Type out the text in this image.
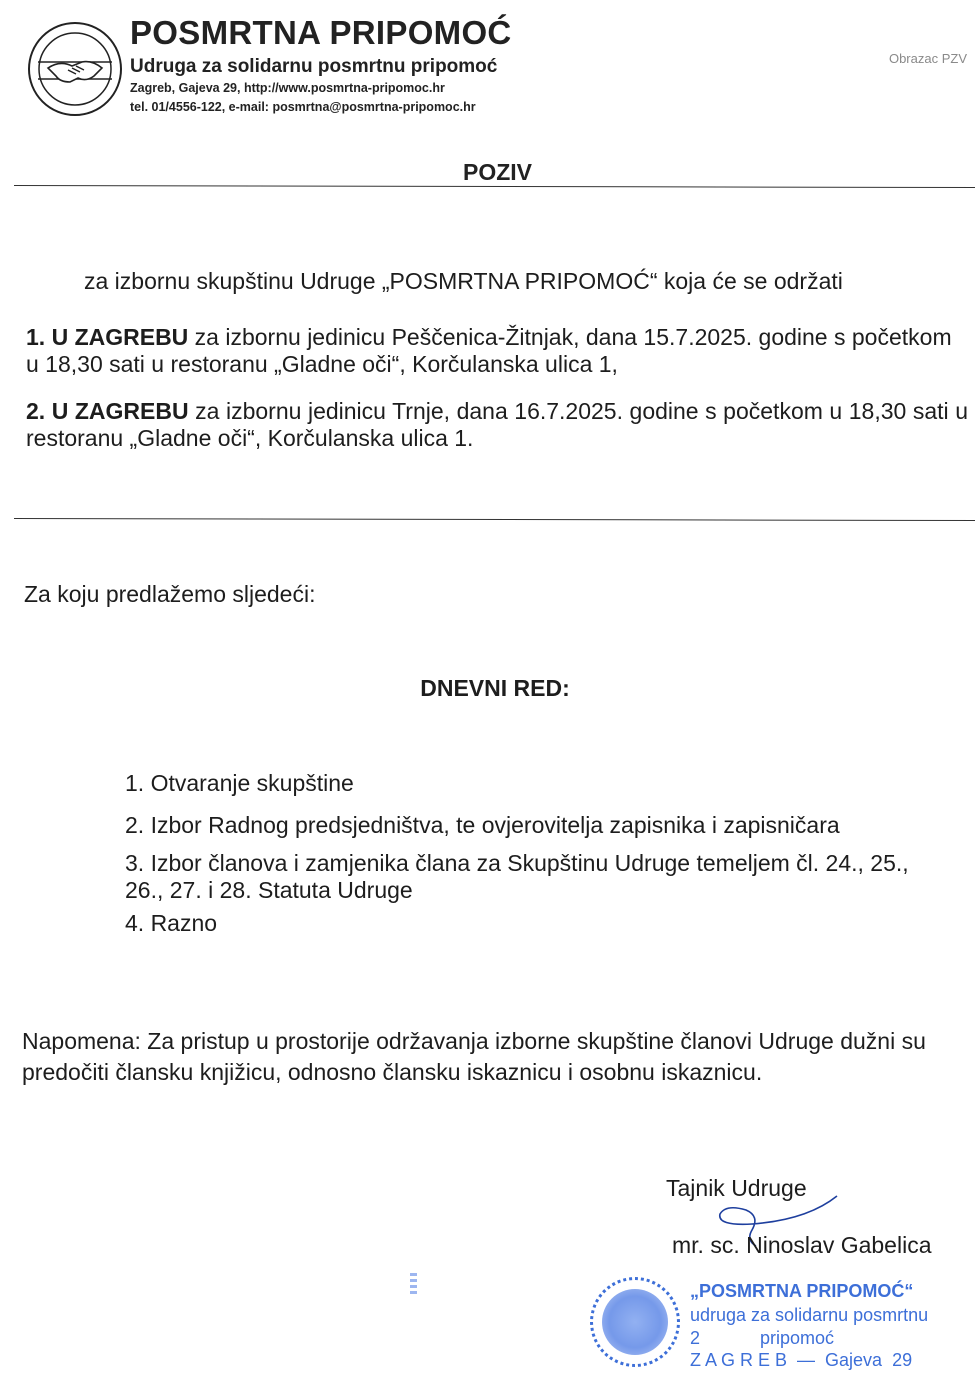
POSMRTNA PRIPOMOĆ
Udruga za solidarnu posmrtnu pripomoć
Zagreb, Gajeva 29, http://www.posmrtna-pripomoc.hr
tel. 01/4556-122, e-mail: posmrtna@posmrtna-pripomoc.hr
Obrazac PZV
POZIV
za izbornu skupštinu Udruge „POSMRTNA PRIPOMOĆ“ koja će se održati
1. U ZAGREBU za izbornu jedinicu Peščenica-Žitnjak, dana 15.7.2025. godine s početkom u 18,30 sati u restoranu „Gladne oči“, Korčulanska ulica 1,
2. U ZAGREBU za izbornu jedinicu Trnje, dana 16.7.2025. godine s početkom u 18,30 sati u restoranu „Gladne oči“, Korčulanska ulica 1.
Za koju predlažemo sljedeći:
DNEVNI RED:
1. Otvaranje skupštine
2. Izbor Radnog predsjedništva, te ovjerovitelja zapisnika i zapisničara
3. Izbor članova i zamjenika člana za Skupštinu Udruge temeljem čl. 24., 25., 26., 27. i 28. Statuta Udruge
4. Razno
Napomena: Za pristup u prostorije održavanja izborne skupštine članovi Udruge dužni su predočiti člansku knjižicu, odnosno člansku iskaznicu i osobnu iskaznicu.
Tajnik Udruge
mr. sc. Ninoslav Gabelica
„POSMRTNA PRIPOMOĆ“
udruga za solidarnu posmrtnu
2            pripomoć
Z A G R E B  —  Gajeva  29
